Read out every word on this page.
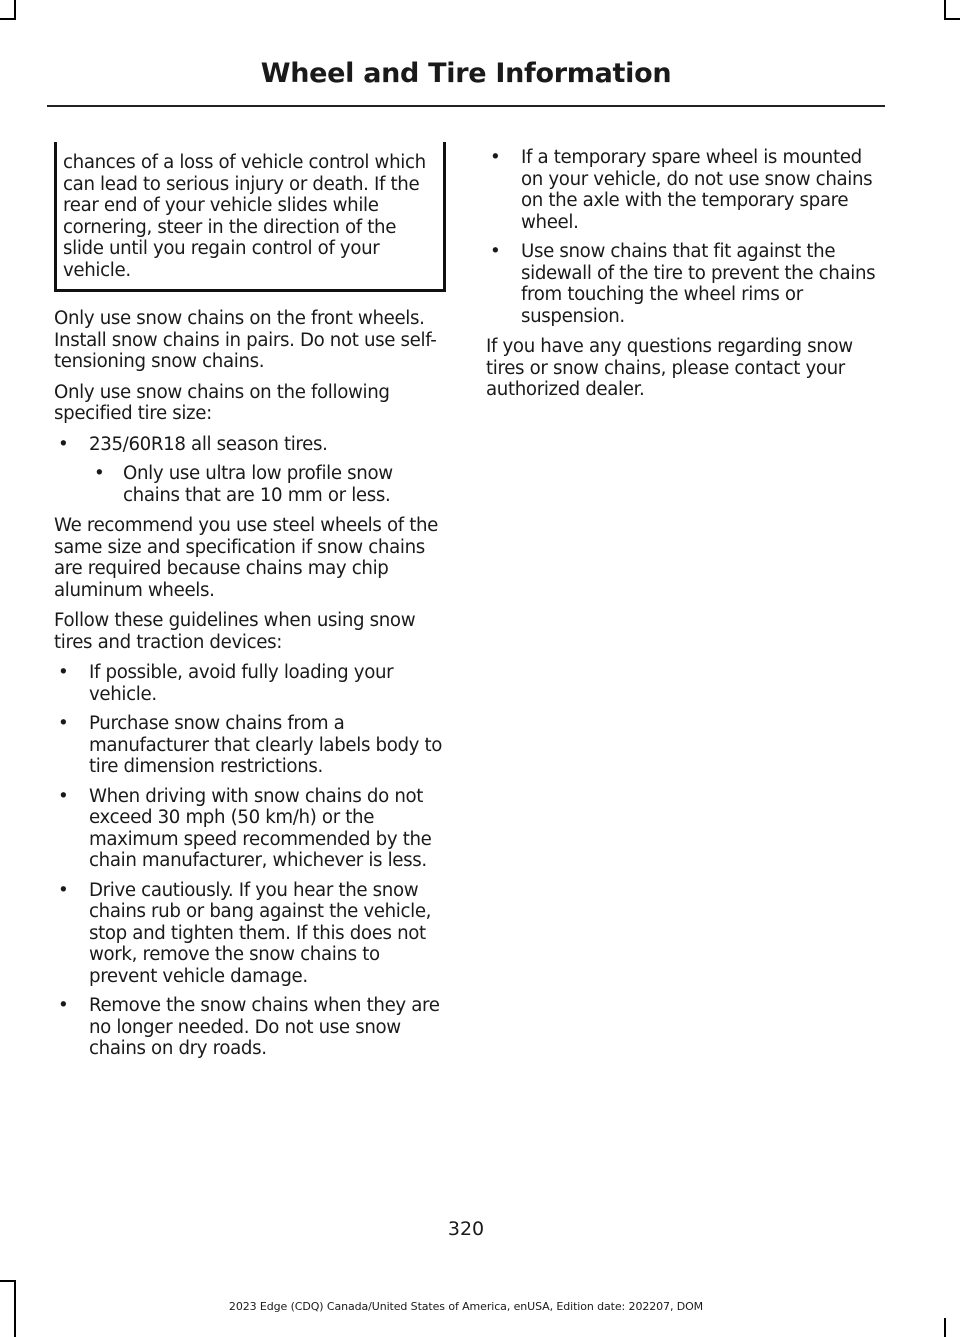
Wheel and Tire Information
chances of a loss of vehicle control which can lead to serious injury or death. If the rear end of your vehicle slides while cornering, steer in the direction of the slide until you regain control of your vehicle.

Only use snow chains on the front wheels. Install snow chains in pairs. Do not use self-tensioning snow chains.

Only use snow chains on the following specified tire size:

• 235/60R18 all season tires.
• Only use ultra low profile snow chains that are 10 mm or less.

We recommend you use steel wheels of the same size and specification if snow chains are required because chains may chip aluminum wheels.

Follow these guidelines when using snow tires and traction devices:

• If possible, avoid fully loading your vehicle.
• Purchase snow chains from a manufacturer that clearly labels body to tire dimension restrictions.
• When driving with snow chains do not exceed 30 mph (50 km/h) or the maximum speed recommended by the chain manufacturer, whichever is less.
• Drive cautiously. If you hear the snow chains rub or bang against the vehicle, stop and tighten them. If this does not work, remove the snow chains to prevent vehicle damage.
• Remove the snow chains when they are no longer needed. Do not use snow chains on dry roads.
• If a temporary spare wheel is mounted on your vehicle, do not use snow chains on the axle with the temporary spare wheel.
• Use snow chains that fit against the sidewall of the tire to prevent the chains from touching the wheel rims or suspension.

If you have any questions regarding snow tires or snow chains, please contact your authorized dealer.

320
2023 Edge (CDQ) Canada/United States of America, enUSA, Edition date: 202207, DOM
